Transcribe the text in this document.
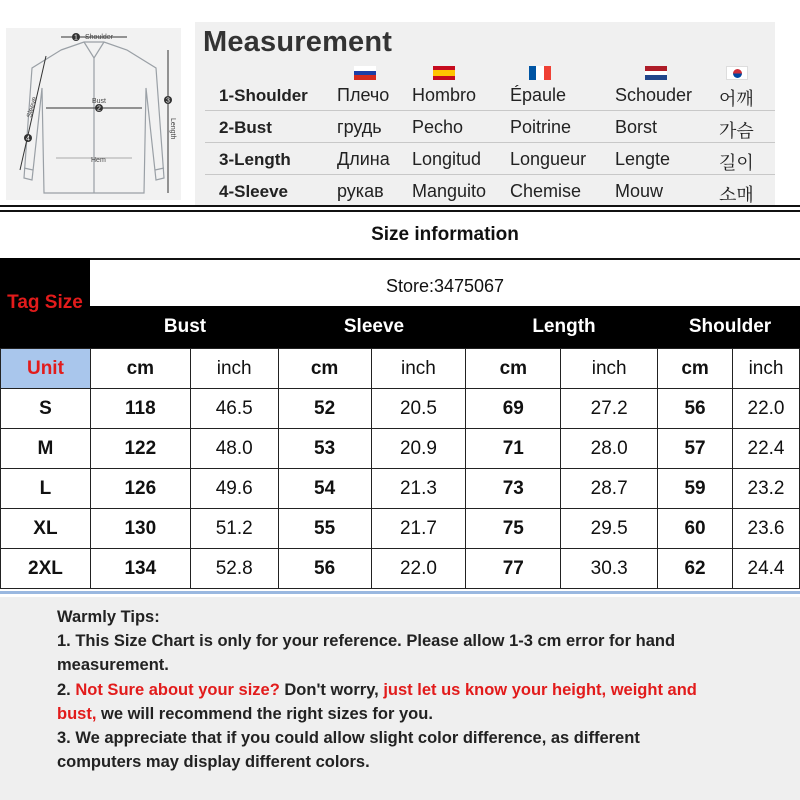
1
2
3
4
Shoulder
Bust
Hem
Length
Sleeve
Measurement
1-Shoulder Плечо Hombro Épaule	Schouder 어깨
2-Bust	грудь Pecho	Poitrine Borst	가슴
3-Length	Длина Longitud Longueur Lengte	길이
4-Sleeve	рукав Manguito Chemise Mouw	소매
Size information
Tag Size
Store:3475067
Bust	Sleeve	Length	Shoulder
Unit	cm	inch	cm	inch	cm	inch	cm	inch
S	118	46.5	52	20.5	69	27.2	56	22.0
M	122	48.0	53	20.9	71	28.0	57	22.4
L	126	49.6	54	21.3	73	28.7	59	23.2
XL	130	51.2	55	21.7	75	29.5	60	23.6
2XL	134	52.8	56	22.0	77	30.3	62	24.4

Warmly Tips:

1. This Size Chart is only for your reference. Please allow 1-3 cm error for hand

measurement.

2. Not Sure about your size? Don't worry, just let us know your height, weight and

bust, we will recommend the right sizes for you.

3. We appreciate that if you could allow slight color difference, as different

computers may display different colors.
